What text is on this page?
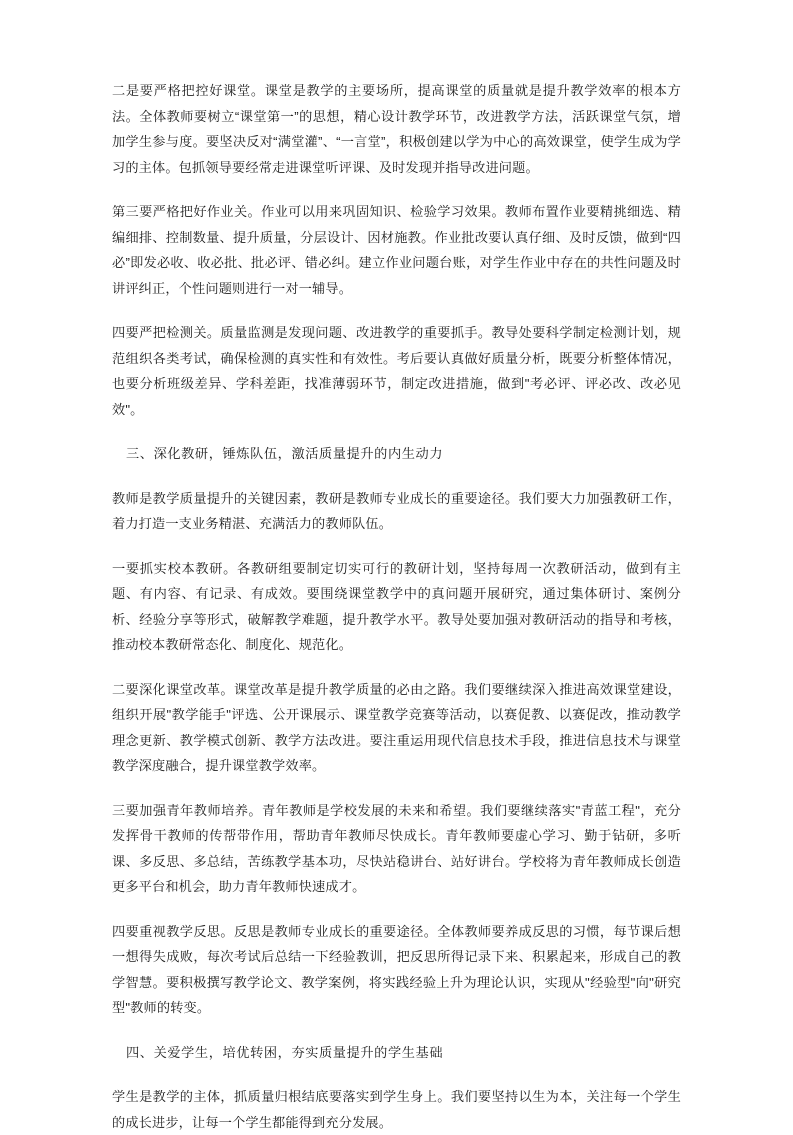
二是要严格把控好课堂。课堂是教学的主要场所，提高课堂的质量就是提升教学效率的根本方法。全体教师要树立“课堂第一”的思想，精心设计教学环节，改进教学方法，活跃课堂气氛，增加学生参与度。要坚决反对“满堂灌”、“一言堂”，积极创建以学为中心的高效课堂，使学生成为学习的主体。包抓领导要经常走进课堂听评课、及时发现并指导改进问题。

第三要严格把好作业关。作业可以用来巩固知识、检验学习效果。教师布置作业要精挑细选、精编细排、控制数量、提升质量，分层设计、因材施教。作业批改要认真仔细、及时反馈，做到“四必”即发必收、收必批、批必评、错必纠。建立作业问题台账，对学生作业中存在的共性问题及时讲评纠正，个性问题则进行一对一辅导。

四要严把检测关。质量监测是发现问题、改进教学的重要抓手。教导处要科学制定检测计划，规范组织各类考试，确保检测的真实性和有效性。考后要认真做好质量分析，既要分析整体情况，也要分析班级差异、学科差距，找准薄弱环节，制定改进措施，做到"考必评、评必改、改必见效"。

三、深化教研，锤炼队伍，激活质量提升的内生动力

教师是教学质量提升的关键因素，教研是教师专业成长的重要途径。我们要大力加强教研工作，着力打造一支业务精湛、充满活力的教师队伍。

一要抓实校本教研。各教研组要制定切实可行的教研计划，坚持每周一次教研活动，做到有主题、有内容、有记录、有成效。要围绕课堂教学中的真问题开展研究，通过集体研讨、案例分析、经验分享等形式，破解教学难题，提升教学水平。教导处要加强对教研活动的指导和考核，推动校本教研常态化、制度化、规范化。

二要深化课堂改革。课堂改革是提升教学质量的必由之路。我们要继续深入推进高效课堂建设，组织开展"教学能手"评选、公开课展示、课堂教学竞赛等活动，以赛促教、以赛促改，推动教学理念更新、教学模式创新、教学方法改进。要注重运用现代信息技术手段，推进信息技术与课堂教学深度融合，提升课堂教学效率。

三要加强青年教师培养。青年教师是学校发展的未来和希望。我们要继续落实"青蓝工程"，充分发挥骨干教师的传帮带作用，帮助青年教师尽快成长。青年教师要虚心学习、勤于钻研，多听课、多反思、多总结，苦练教学基本功，尽快站稳讲台、站好讲台。学校将为青年教师成长创造更多平台和机会，助力青年教师快速成才。

四要重视教学反思。反思是教师专业成长的重要途径。全体教师要养成反思的习惯，每节课后想一想得失成败，每次考试后总结一下经验教训，把反思所得记录下来、积累起来，形成自己的教学智慧。要积极撰写教学论文、教学案例，将实践经验上升为理论认识，实现从"经验型"向"研究型"教师的转变。

四、关爱学生，培优转困，夯实质量提升的学生基础

学生是教学的主体，抓质量归根结底要落实到学生身上。我们要坚持以生为本，关注每一个学生的成长进步，让每一个学生都能得到充分发展。
